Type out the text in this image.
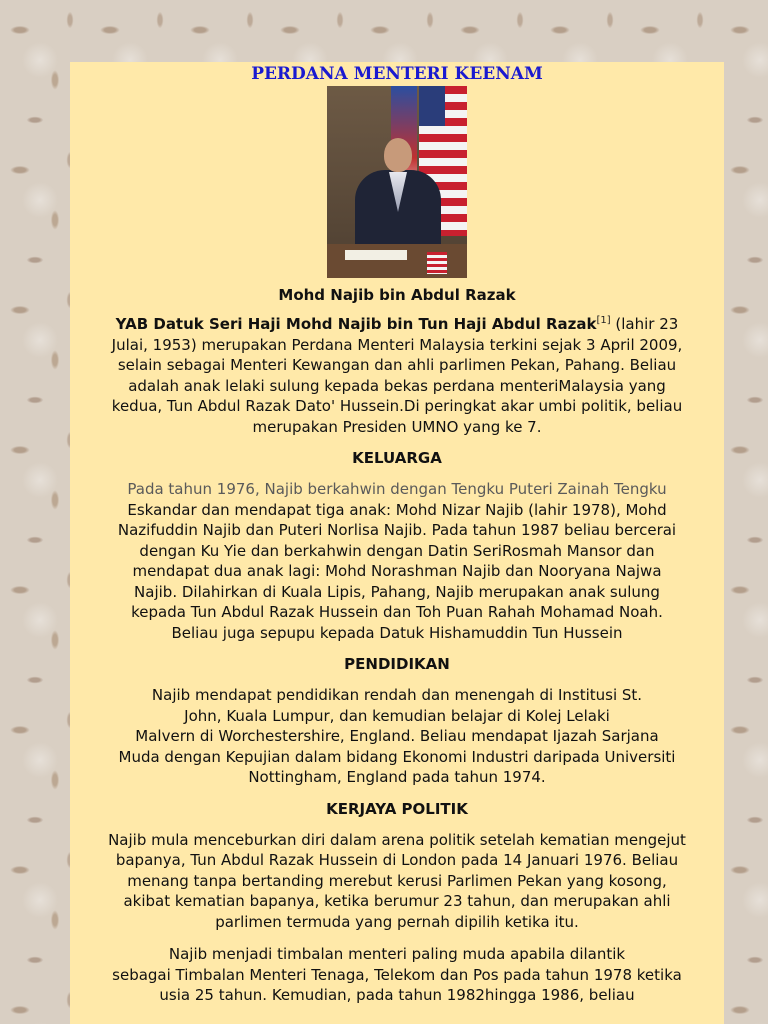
PERDANA MENTERI KEENAM
Mohd Najib bin Abdul Razak

YAB Datuk Seri Haji Mohd Najib bin Tun Haji Abdul Razak[1] (lahir 23
Julai, 1953) merupakan Perdana Menteri Malaysia terkini sejak 3 April 2009,
selain sebagai Menteri Kewangan dan ahli parlimen Pekan, Pahang. Beliau
adalah anak lelaki sulung kepada bekas perdana menteriMalaysia yang
kedua, Tun Abdul Razak Dato' Hussein.Di peringkat akar umbi politik, beliau
merupakan Presiden UMNO yang ke 7.

KELUARGA

Pada tahun 1976, Najib berkahwin dengan Tengku Puteri Zainah Tengku
Eskandar dan mendapat tiga anak: Mohd Nizar Najib (lahir 1978), Mohd
Nazifuddin Najib dan Puteri Norlisa Najib. Pada tahun 1987 beliau bercerai
dengan Ku Yie dan berkahwin dengan Datin SeriRosmah Mansor dan
mendapat dua anak lagi: Mohd Norashman Najib dan Nooryana Najwa
Najib. Dilahirkan di Kuala Lipis, Pahang, Najib merupakan anak sulung
kepada Tun Abdul Razak Hussein dan Toh Puan Rahah Mohamad Noah.
Beliau juga sepupu kepada Datuk Hishamuddin Tun Hussein

PENDIDIKAN

Najib mendapat pendidikan rendah dan menengah di Institusi St.
John, Kuala Lumpur, dan kemudian belajar di Kolej Lelaki
Malvern di Worchestershire, England. Beliau mendapat Ijazah Sarjana
Muda dengan Kepujian dalam bidang Ekonomi Industri daripada Universiti
Nottingham, England pada tahun 1974.

KERJAYA POLITIK

Najib mula menceburkan diri dalam arena politik setelah kematian mengejut
bapanya, Tun Abdul Razak Hussein di London pada 14 Januari 1976. Beliau
menang tanpa bertanding merebut kerusi Parlimen Pekan yang kosong,
akibat kematian bapanya, ketika berumur 23 tahun, dan merupakan ahli
parlimen termuda yang pernah dipilih ketika itu.

Najib menjadi timbalan menteri paling muda apabila dilantik
sebagai Timbalan Menteri Tenaga, Telekom dan Pos pada tahun 1978 ketika
usia 25 tahun. Kemudian, pada tahun 1982hingga 1986, beliau
